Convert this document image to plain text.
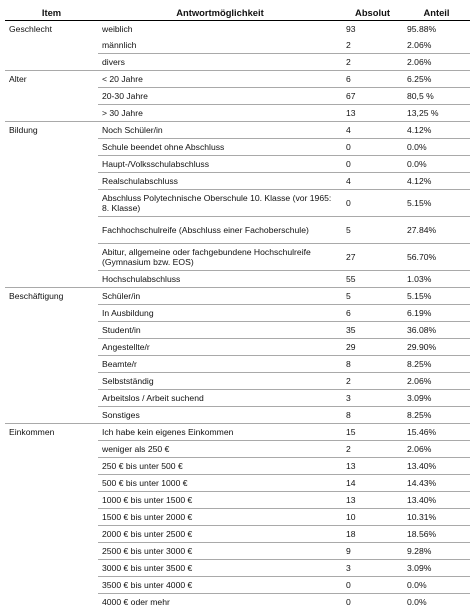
Item	Antwortmöglichkeit	Absolut	Anteil
Geschlecht	weiblich	93	95.88%
	männlich	2	2.06%
	divers	2	2.06%
Alter	< 20 Jahre	6	6.25%
	20-30 Jahre	67	80,5 %
	> 30 Jahre	13	13,25 %
Bildung	Noch Schüler/in	4	4.12%
	Schule beendet ohne Abschluss	0	0.0%
	Haupt-/Volksschulabschluss	0	0.0%
	Realschulabschluss	4	4.12%
	Abschluss Polytechnische Oberschule 10. Klasse (vor 1965: 8. Klasse)	0	5.15%
	Fachhochschulreife (Abschluss einer Fachoberschule)	5	27.84%
	Abitur, allgemeine oder fachgebundene Hochschulreife (Gymnasium bzw. EOS)	27	56.70%
	Hochschulabschluss	55	1.03%
Beschäftigung	Schüler/in	5	5.15%
	In Ausbildung	6	6.19%
	Student/in	35	36.08%
	Angestellte/r	29	29.90%
	Beamte/r	8	8.25%
	Selbstständig	2	2.06%
	Arbeitslos / Arbeit suchend	3	3.09%
	Sonstiges	8	8.25%
Einkommen	Ich habe kein eigenes Einkommen	15	15.46%
	weniger als 250 €	2	2.06%
	250 € bis unter 500 €	13	13.40%
	500 € bis unter 1000 €	14	14.43%
	1000 € bis unter 1500 €	13	13.40%
	1500 € bis unter 2000 €	10	10.31%
	2000 € bis unter 2500 €	18	18.56%
	2500 € bis unter 3000 €	9	9.28%
	3000 € bis unter 3500 €	3	3.09%
	3500 € bis unter 4000 €	0	0.0%
	4000 € oder mehr	0	0.0%
